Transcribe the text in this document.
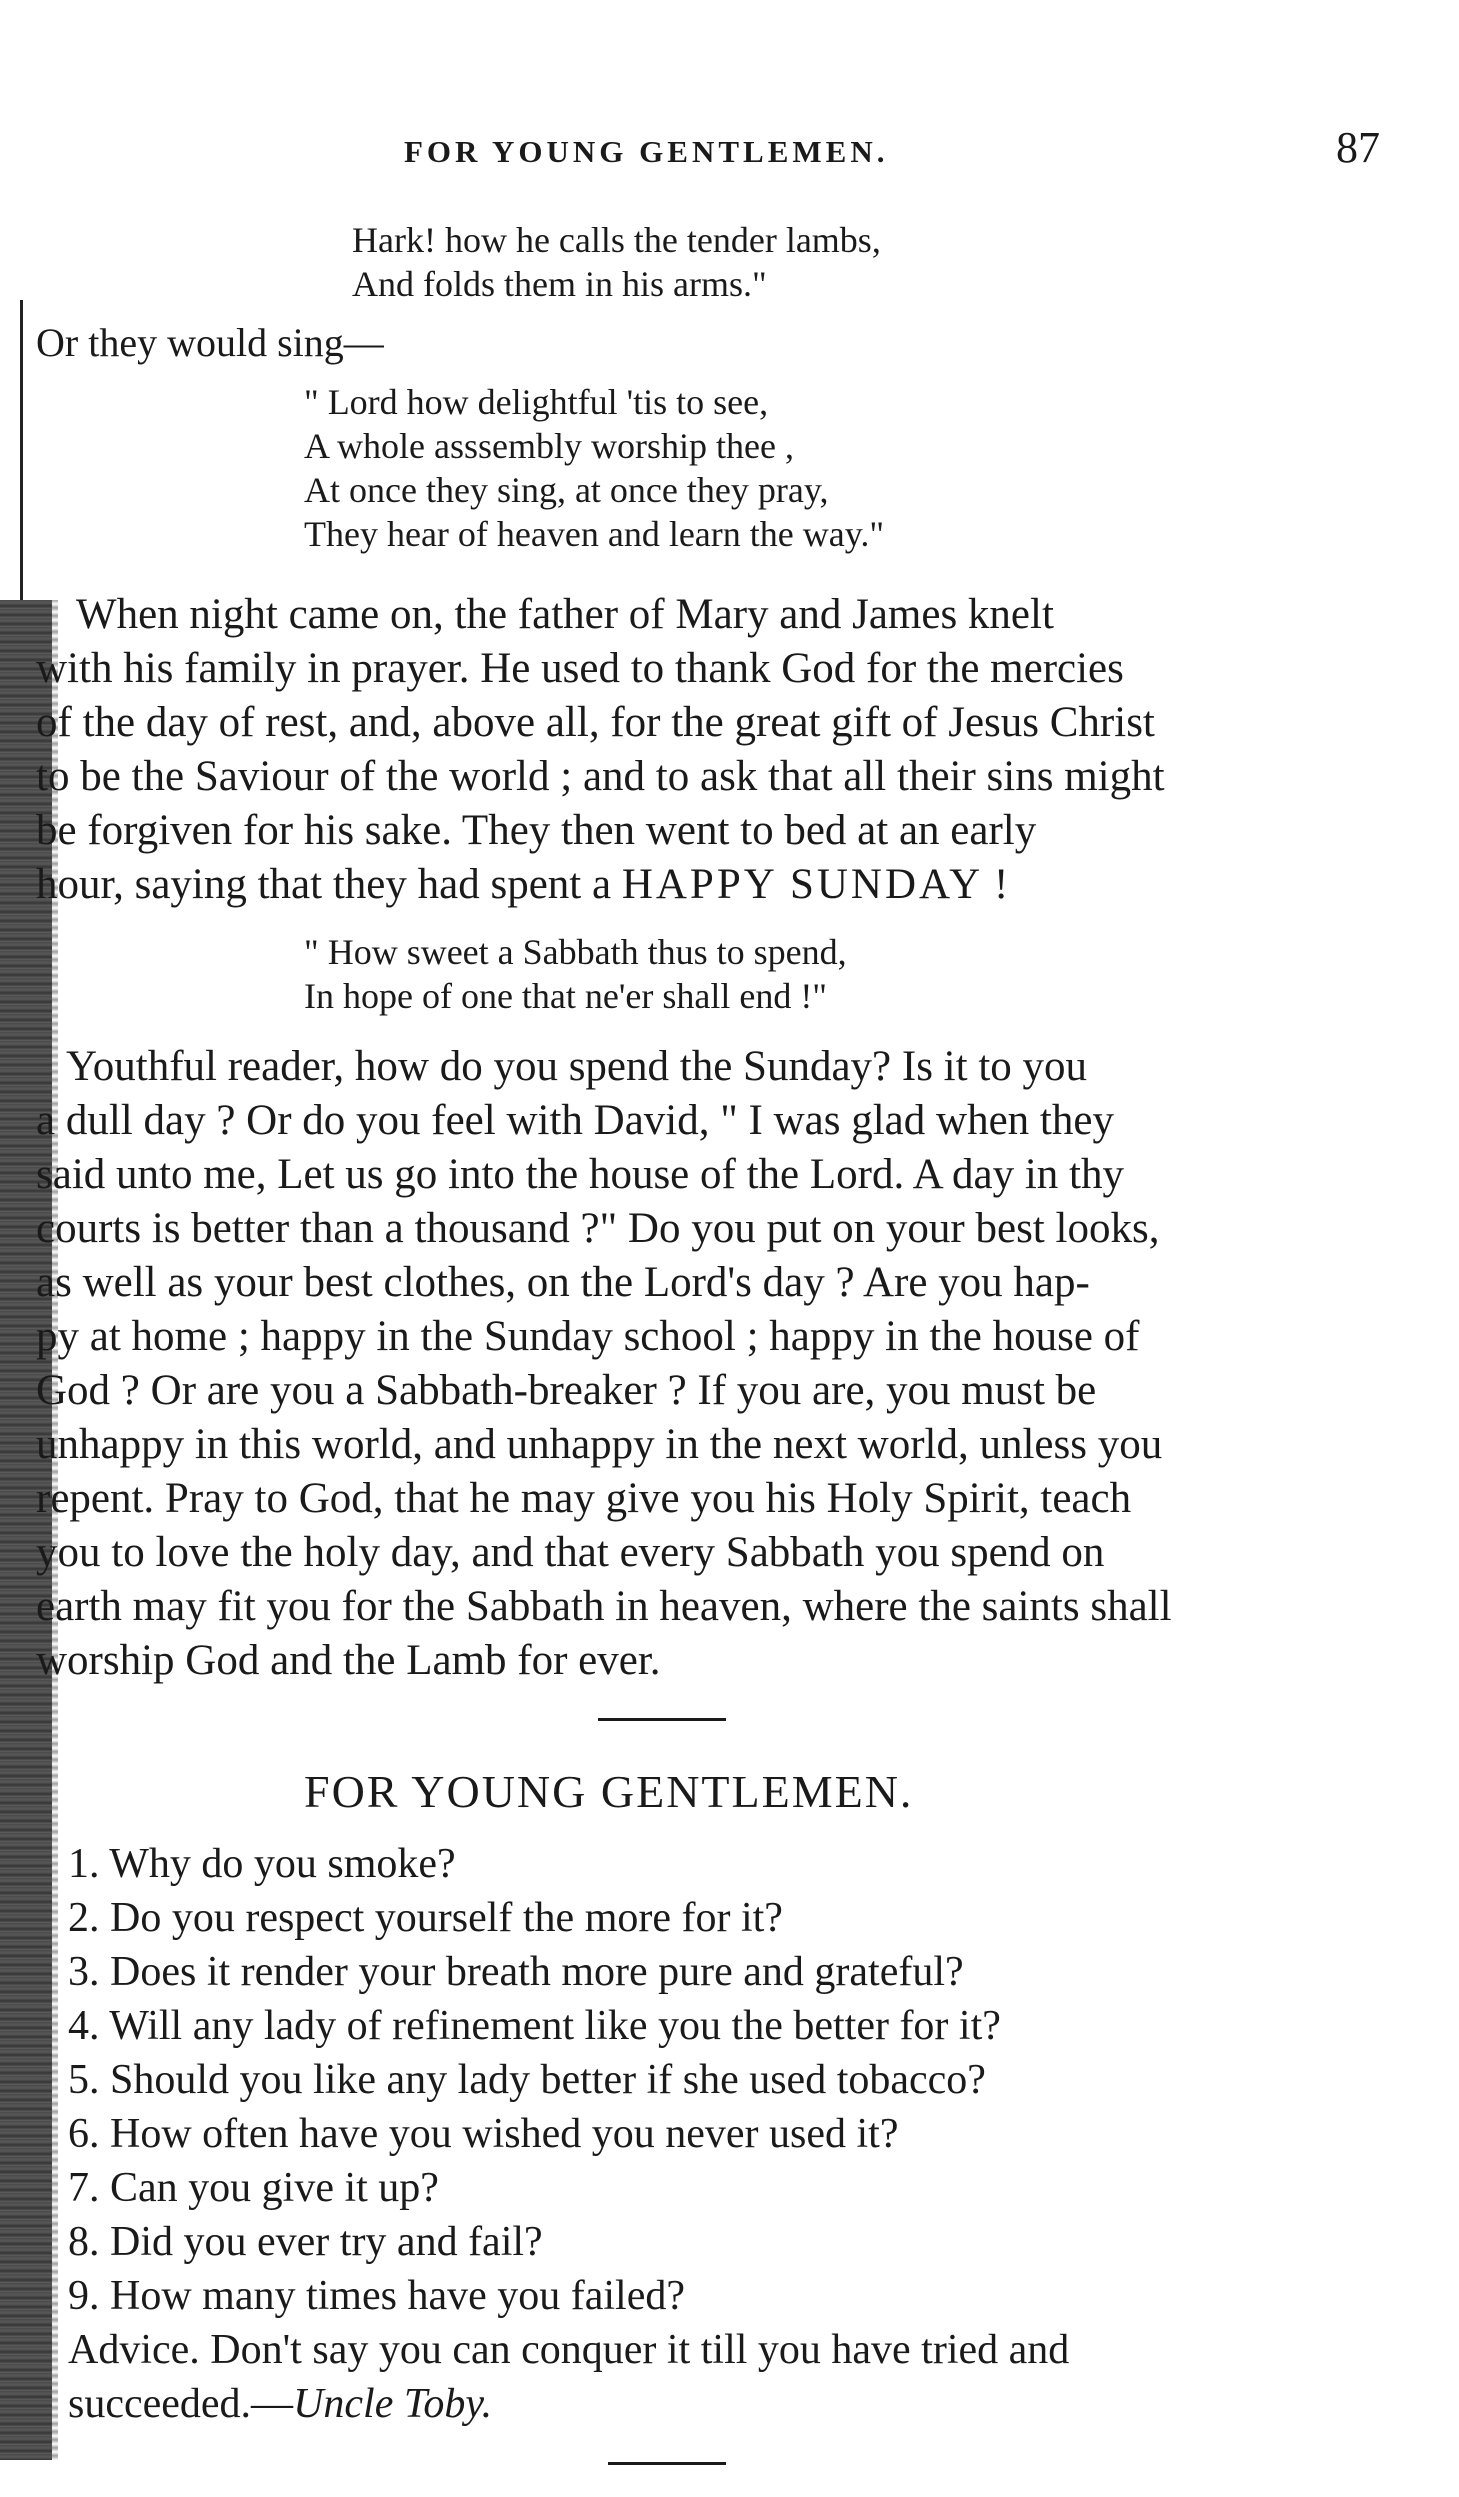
FOR YOUNG GENTLEMEN.	87
Hark! how he calls the tender lambs,
And folds them in his arms."
Or they would sing—
" Lord how delightful 'tis to see,
A whole asssembly worship thee ,
At once they sing, at once they pray,
They hear of heaven and learn the way."
When night came on, the father of Mary and James knelt
with his family in prayer. He used to thank God for the mercies
of the day of rest, and, above all, for the great gift of Jesus Christ
to be the Saviour of the world ; and to ask that all their sins might
be forgiven for his sake. They then went to bed at an early
hour, saying that they had spent a HAPPY SUNDAY !
" How sweet a Sabbath thus to spend,
In hope of one that ne'er shall end !"
Youthful reader, how do you spend the Sunday? Is it to you
a dull day ? Or do you feel with David, " I was glad when they
said unto me, Let us go into the house of the Lord. A day in thy
courts is better than a thousand ?" Do you put on your best looks,
as well as your best clothes, on the Lord's day ? Are you hap-
py at home ; happy in the Sunday school ; happy in the house of
God ? Or are you a Sabbath-breaker ? If you are, you must be
unhappy in this world, and unhappy in the next world, unless you
repent. Pray to God, that he may give you his Holy Spirit, teach
you to love the holy day, and that every Sabbath you spend on
earth may fit you for the Sabbath in heaven, where the saints shall
worship God and the Lamb for ever.
FOR YOUNG GENTLEMEN.
1. Why do you smoke?
2. Do you respect yourself the more for it?
3. Does it render your breath more pure and grateful?
4. Will any lady of refinement like you the better for it?
5. Should you like any lady better if she used tobacco?
6. How often have you wished you never used it?
7. Can you give it up?
8. Did you ever try and fail?
9. How many times have you failed?
Advice. Don't say you can conquer it till you have tried and
succeeded.—Uncle Toby.
